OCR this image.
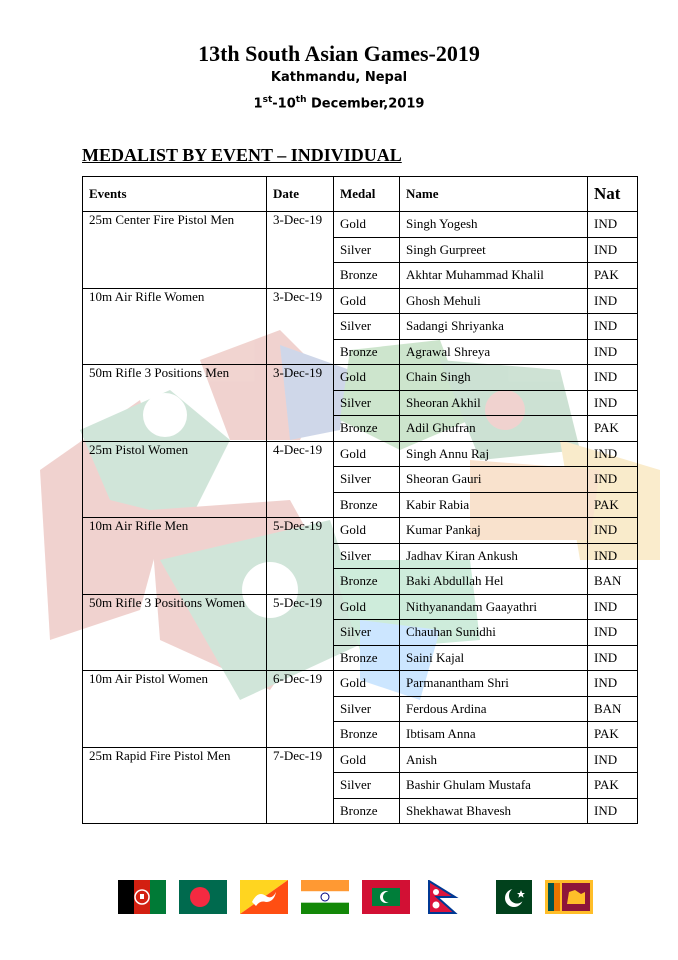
13th South Asian Games-2019
Kathmandu, Nepal
1st-10th December,2019
MEDALIST BY EVENT – INDIVIDUAL
Events	Date	Medal	Name	Nat
25m Center Fire Pistol Men	3-Dec-19	Gold	Singh Yogesh	IND
		Silver	Singh Gurpreet	IND
		Bronze	Akhtar Muhammad Khalil	PAK
10m Air Rifle Women	3-Dec-19	Gold	Ghosh Mehuli	IND
		Silver	Sadangi Shriyanka	IND
		Bronze	Agrawal Shreya	IND
50m Rifle 3 Positions Men	3-Dec-19	Gold	Chain Singh	IND
		Silver	Sheoran Akhil	IND
		Bronze	Adil Ghufran	PAK
25m Pistol Women	4-Dec-19	Gold	Singh Annu Raj	IND
		Silver	Sheoran Gauri	IND
		Bronze	Kabir Rabia	PAK
10m Air Rifle Men	5-Dec-19	Gold	Kumar Pankaj	IND
		Silver	Jadhav Kiran Ankush	IND
		Bronze	Baki Abdullah Hel	BAN
50m Rifle 3 Positions Women	5-Dec-19	Gold	Nithyanandam Gaayathri	IND
		Silver	Chauhan Sunidhi	IND
		Bronze	Saini Kajal	IND
10m Air Pistol Women	6-Dec-19	Gold	Parmanantham Shri	IND
		Silver	Ferdous Ardina	BAN
		Bronze	Ibtisam Anna	PAK
25m Rapid Fire Pistol Men	7-Dec-19	Gold	Anish	IND
		Silver	Bashir Ghulam Mustafa	PAK
		Bronze	Shekhawat Bhavesh	IND
